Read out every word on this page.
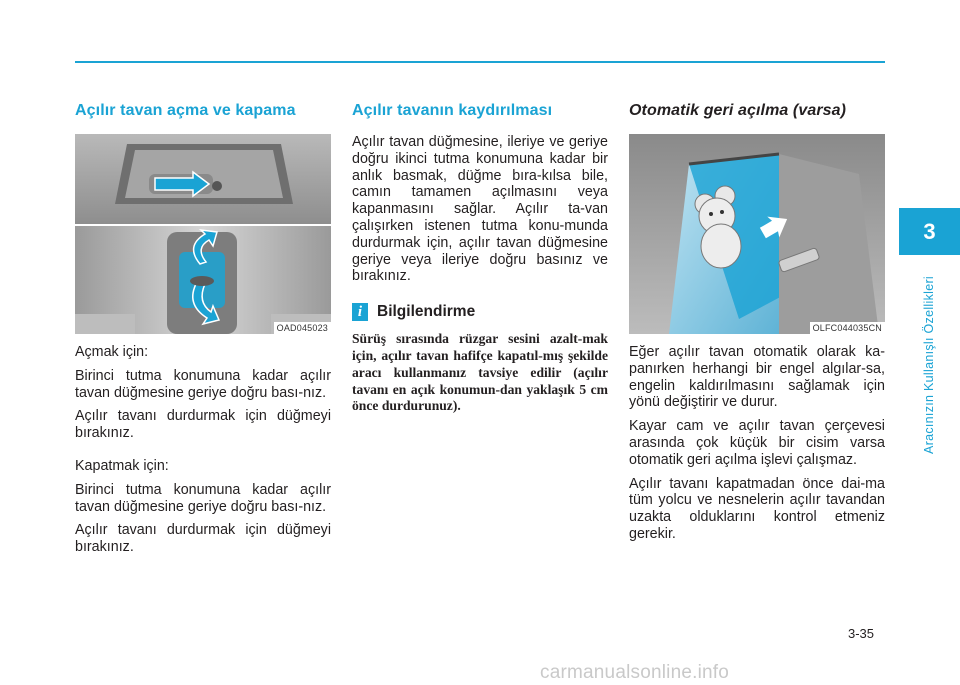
Açılır tavan açma ve kapama
OAD045023

Açmak için:

Birinci tutma konumuna kadar açılır tavan düğmesine geriye doğru bası-nız.

Açılır tavanı durdurmak için düğmeyi bırakınız.

Kapatmak için:

Birinci tutma konumuna kadar açılır tavan düğmesine geriye doğru bası-nız.

Açılır tavanı durdurmak için düğmeyi bırakınız.

Açılır tavanın kaydırılması

Açılır tavan düğmesine, ileriye ve geriye doğru ikinci tutma konumuna kadar bir anlık basmak, düğme bıra-kılsa bile, camın tamamen açılmasını veya kapanmasını sağlar. Açılır ta-van çalışırken istenen tutma konu-munda durdurmak için, açılır tavan düğmesine geriye veya ileriye doğru basınız ve bırakınız.

i Bilgilendirme

Sürüş sırasında rüzgar sesini azalt-mak için, açılır tavan hafifçe kapatıl-mış şekilde aracı kullanmanız tavsiye edilir (açılır tavanı en açık konumun-dan yaklaşık 5 cm önce durdurunuz).

Otomatik geri açılma (varsa)
OLFC044035CN

Eğer açılır tavan otomatik olarak ka-panırken herhangi bir engel algılar-sa, engelin kaldırılmasını sağlamak için yönü değiştirir ve durur.

Kayar cam ve açılır tavan çerçevesi arasında çok küçük bir cisim varsa otomatik geri açılma işlevi çalışmaz.

Açılır tavanı kapatmadan önce dai-ma tüm yolcu ve nesnelerin açılır tavandan uzakta olduklarını kontrol etmeniz gerekir.

3
Aracınızın Kullanışlı Özellikleri
3-35
carmanualsonline.info
